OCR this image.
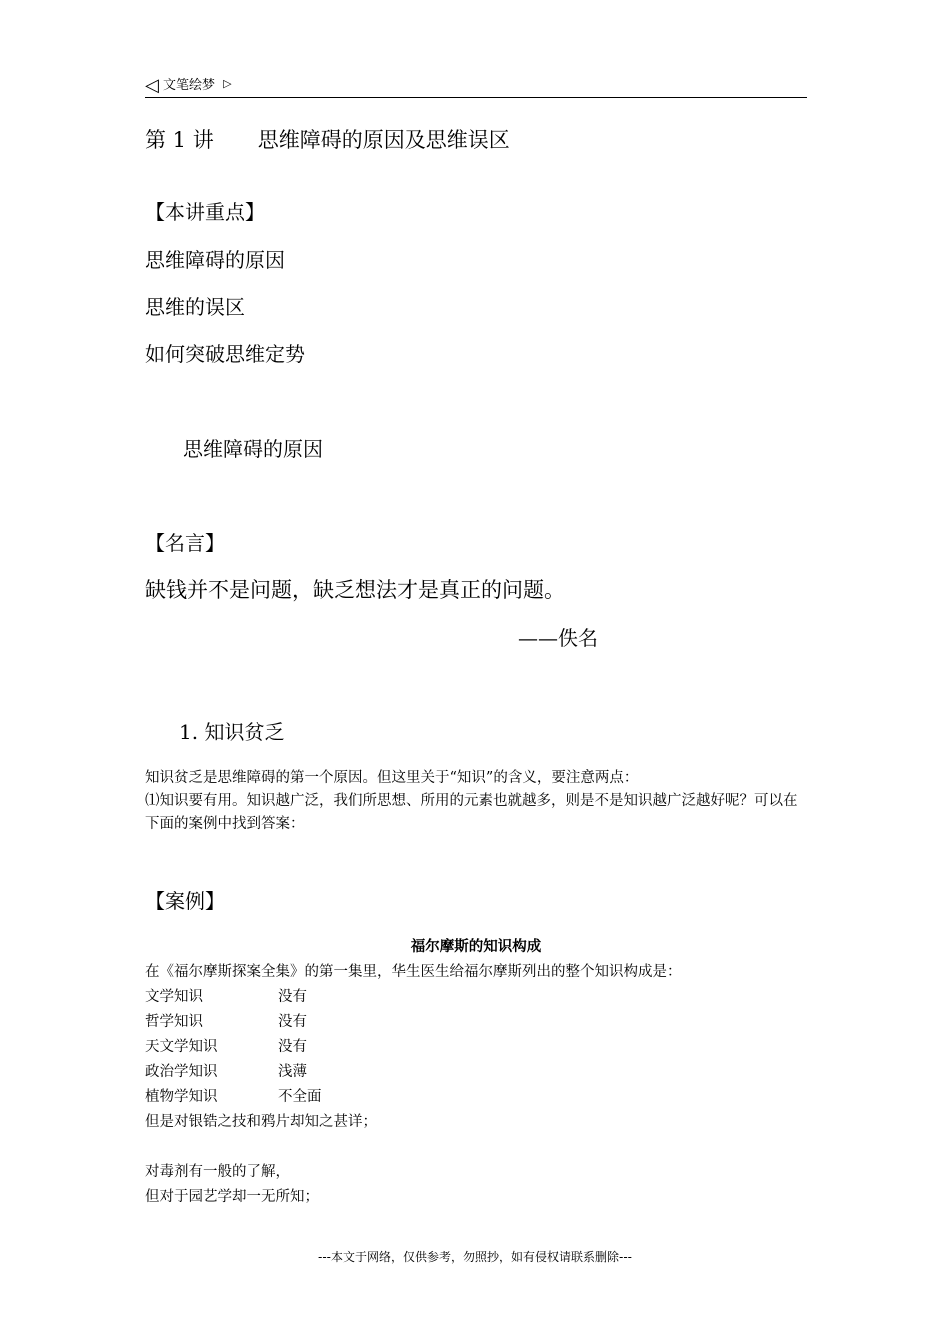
◁ 文笔绘梦 ▷
第 1 讲 思维障碍的原因及思维误区
【本讲重点】
思维障碍的原因
思维的误区
如何突破思维定势
思维障碍的原因
【名言】
缺钱并不是问题，缺乏想法才是真正的问题。
——佚名
1. 知识贫乏
知识贫乏是思维障碍的第一个原因。但这里关于“知识”的含义，要注意两点：
⑴知识要有用。知识越广泛，我们所思想、所用的元素也就越多，则是不是知识越广泛越好呢？可以在下面的案例中找到答案：
【案例】
福尔摩斯的知识构成
在《福尔摩斯探案全集》的第一集里，华生医生给福尔摩斯列出的整个知识构成是：
文学知识	没有
哲学知识	没有
天文学知识	没有
政治学知识	浅薄
植物学知识	不全面
但是对银锆之技和鸦片却知之甚详；
对毒剂有一般的了解，
但对于园艺学却一无所知；
---本文于网络，仅供参考，勿照抄，如有侵权请联系删除---
